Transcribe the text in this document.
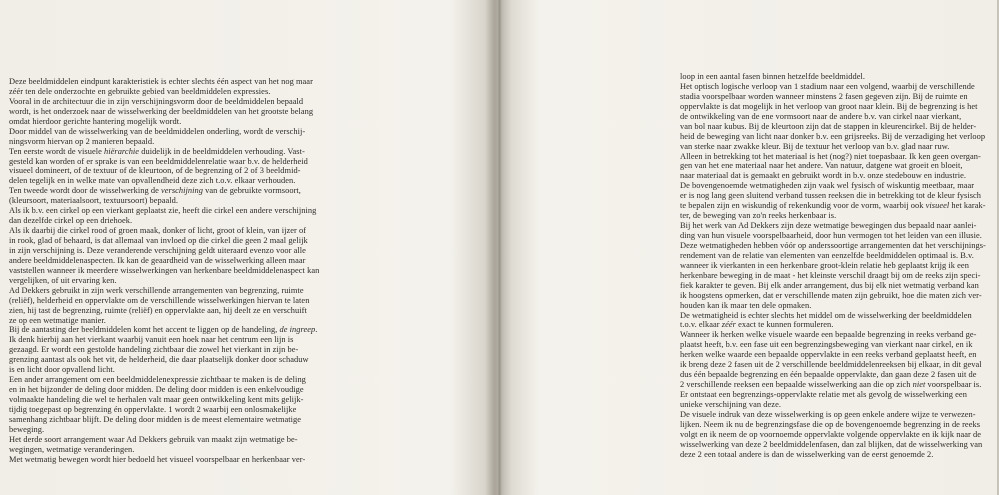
Deze beeldmiddelen eindpunt karakteristiek is echter slechts één aspect van het nog maar
zéér ten dele onderzochte en gebruikte gebied van beeldmiddelen expressies.
Vooral in de architectuur die in zijn verschijningsvorm door de beeldmiddelen bepaald
wordt, is het onderzoek naar de wisselwerking der beeldmiddelen van het grootste belang
omdat hierdoor gerichte hantering mogelijk wordt.
Door middel van de wisselwerking van de beeldmiddelen onderling, wordt de verschij-
ningsvorm hiervan op 2 manieren bepaald.
Ten eerste wordt de visuele hiërarchie duidelijk in de beeldmiddelen verhouding. Vast-
gesteld kan worden of er sprake is van een beeldmiddelenrelatie waar b.v. de helderheid
visueel domineert, of de textuur of de kleurtoon, of de begrenzing of 2 of 3 beeldmid-
delen tegelijk en in welke mate van opvallendheid deze zich t.o.v. elkaar verhouden.
Ten tweede wordt door de wisselwerking de verschijning van de gebruikte vormsoort,
(kleursoort, materiaalsoort, textuursoort) bepaald.
Als ik b.v. een cirkel op een vierkant geplaatst zie, heeft die cirkel een andere verschijning
dan dezelfde cirkel op een driehoek.
Als ik daarbij die cirkel rood of groen maak, donker of licht, groot of klein, van ijzer of
in rook, glad of behaard, is dat allemaal van invloed op die cirkel die geen 2 maal gelijk
in zijn verschijning is. Deze veranderende verschijning geldt uiteraard evenzo voor alle
andere beeldmiddelenaspecten. Ik kan de geaardheid van de wisselwerking alleen maar
vaststellen wanneer ik meerdere wisselwerkingen van herkenbare beeldmiddelenaspect kan
vergelijken, of uit ervaring ken.
Ad Dekkers gebruikt in zijn werk verschillende arrangementen van begrenzing, ruimte
(reliëf), helderheid en oppervlakte om de verschillende wisselwerkingen hiervan te laten
zien, hij tast de begrenzing, ruimte (reliëf) en oppervlakte aan, hij deelt ze en verschuift
ze op een wetmatige manier.
Bij de aantasting der beeldmiddelen komt het accent te liggen op de handeling, de ingreep.
Ik denk hierbij aan het vierkant waarbij vanuit een hoek naar het centrum een lijn is
gezaagd. Er wordt een gestolde handeling zichtbaar die zowel het vierkant in zijn be-
grenzing aantast als ook het vit, de helderheid, die daar plaatselijk donker door schaduw
is en licht door opvallend licht.
Een ander arrangement om een beeldmiddelenexpressie zichtbaar te maken is de deling
en in het bijzonder de deling door midden. De deling door midden is een enkelvoudige
volmaakte handeling die wel te herhalen valt maar geen ontwikkeling kent mits gelijk-
tijdig toegepast op begrenzing én oppervlakte. 1 wordt 2 waarbij een onlosmakelijke
samenhang zichtbaar blijft. De deling door midden is de meest elementaire wetmatige
beweging.
Het derde soort arrangement waar Ad Dekkers gebruik van maakt zijn wetmatige be-
wegingen, wetmatige veranderingen.
Met wetmatig bewegen wordt hier bedoeld het visueel voorspelbaar en herkenbaar ver-
loop in een aantal fasen binnen hetzelfde beeldmiddel.
Het optisch logische verloop van 1 stadium naar een volgend, waarbij de verschillende
stadia voorspelbaar worden wanneer minstens 2 fasen gegeven zijn. Bij de ruimte en
oppervlakte is dat mogelijk in het verloop van groot naar klein. Bij de begrenzing is het
de ontwikkeling van de ene vormsoort naar de andere b.v. van cirkel naar vierkant,
van bol naar kubus. Bij de kleurtoon zijn dat de stappen in kleurencirkel. Bij de helder-
heid de beweging van licht naar donker b.v. een grijsreeks. Bij de verzadiging het verloop
van sterke naar zwakke kleur. Bij de textuur het verloop van b.v. glad naar ruw.
Alleen in betrekking tot het materiaal is het (nog?) niet toepasbaar. Ik ken geen overgan-
gen van het ene materiaal naar het andere. Van natuur, datgene wat groeit en bloeit,
naar materiaal dat is gemaakt en gebruikt wordt in b.v. onze stedebouw en industrie.
De bovengenoemde wetmatigheden zijn vaak wel fysisch of wiskuntig meetbaar, maar
er is nog lang geen sluitend verband tussen reeksen die in betrekking tot de kleur fysisch
te bepalen zijn en wiskundig of rekenkundig voor de vorm, waarbij ook visueel het karak-
ter, de beweging van zo'n reeks herkenbaar is.
Bij het werk van Ad Dekkers zijn deze wetmatige bewegingen dus bepaald naar aanlei-
ding van hun visuele voorspelbaarheid, door hun vermogen tot het leiden van een illusie.
Deze wetmatigheden hebben vóór op anderssoortige arrangementen dat het verschijnings-
rendement van de relatie van elementen van eenzelfde beeldmiddelen optimaal is. B.v.
wanneer ik vierkanten in een herkenbare groot-klein relatie heb geplaatst krijg ik een
herkenbare beweging in de maat - het kleinste verschil draagt bij om de reeks zijn speci-
fiek karakter te geven. Bij elk ander arrangement, dus bij elk niet wetmatig verband kan
ik hoogstens opmerken, dat er verschillende maten zijn gebruikt, hoe die maten zich ver-
houden kan ik maar ten dele opmaken.
De wetmatigheid is echter slechts het middel om de wisselwerking der beeldmiddelen
t.o.v. elkaar zéér exact te kunnen formuleren.
Wanneer ik herken welke visuele waarde een bepaalde begrenzing in reeks verband ge-
plaatst heeft, b.v. een fase uit een begrenzingsbeweging van vierkant naar cirkel, en ik
herken welke waarde een bepaalde oppervlakte in een reeks verband geplaatst heeft, en
ik breng deze 2 fasen uit de 2 verschillende beeldmiddelenreeksen bij elkaar, in dit geval
dus één bepaalde begrenzing en één bepaalde oppervlakte, dan gaan deze 2 fasen uit de
2 verschillende reeksen een bepaalde wisselwerking aan die op zich niet voorspelbaar is.
Er ontstaat een begrenzings-oppervlakte relatie met als gevolg de wisselwerking een
unieke verschijning van deze.
De visuele indruk van deze wisselwerking is op geen enkele andere wijze te verwezen-
lijken. Neem ik nu de begrenzingsfase die op de bovengenoemde begrenzing in de reeks
volgt en ik neem de op voornoemde oppervlakte volgende oppervlakte en ik kijk naar de
wisselwerking van deze 2 beeldmiddelenfasen, dan zal blijken, dat de wisselwerking van
deze 2 een totaal andere is dan de wisselwerking van de eerst genoemde 2.
